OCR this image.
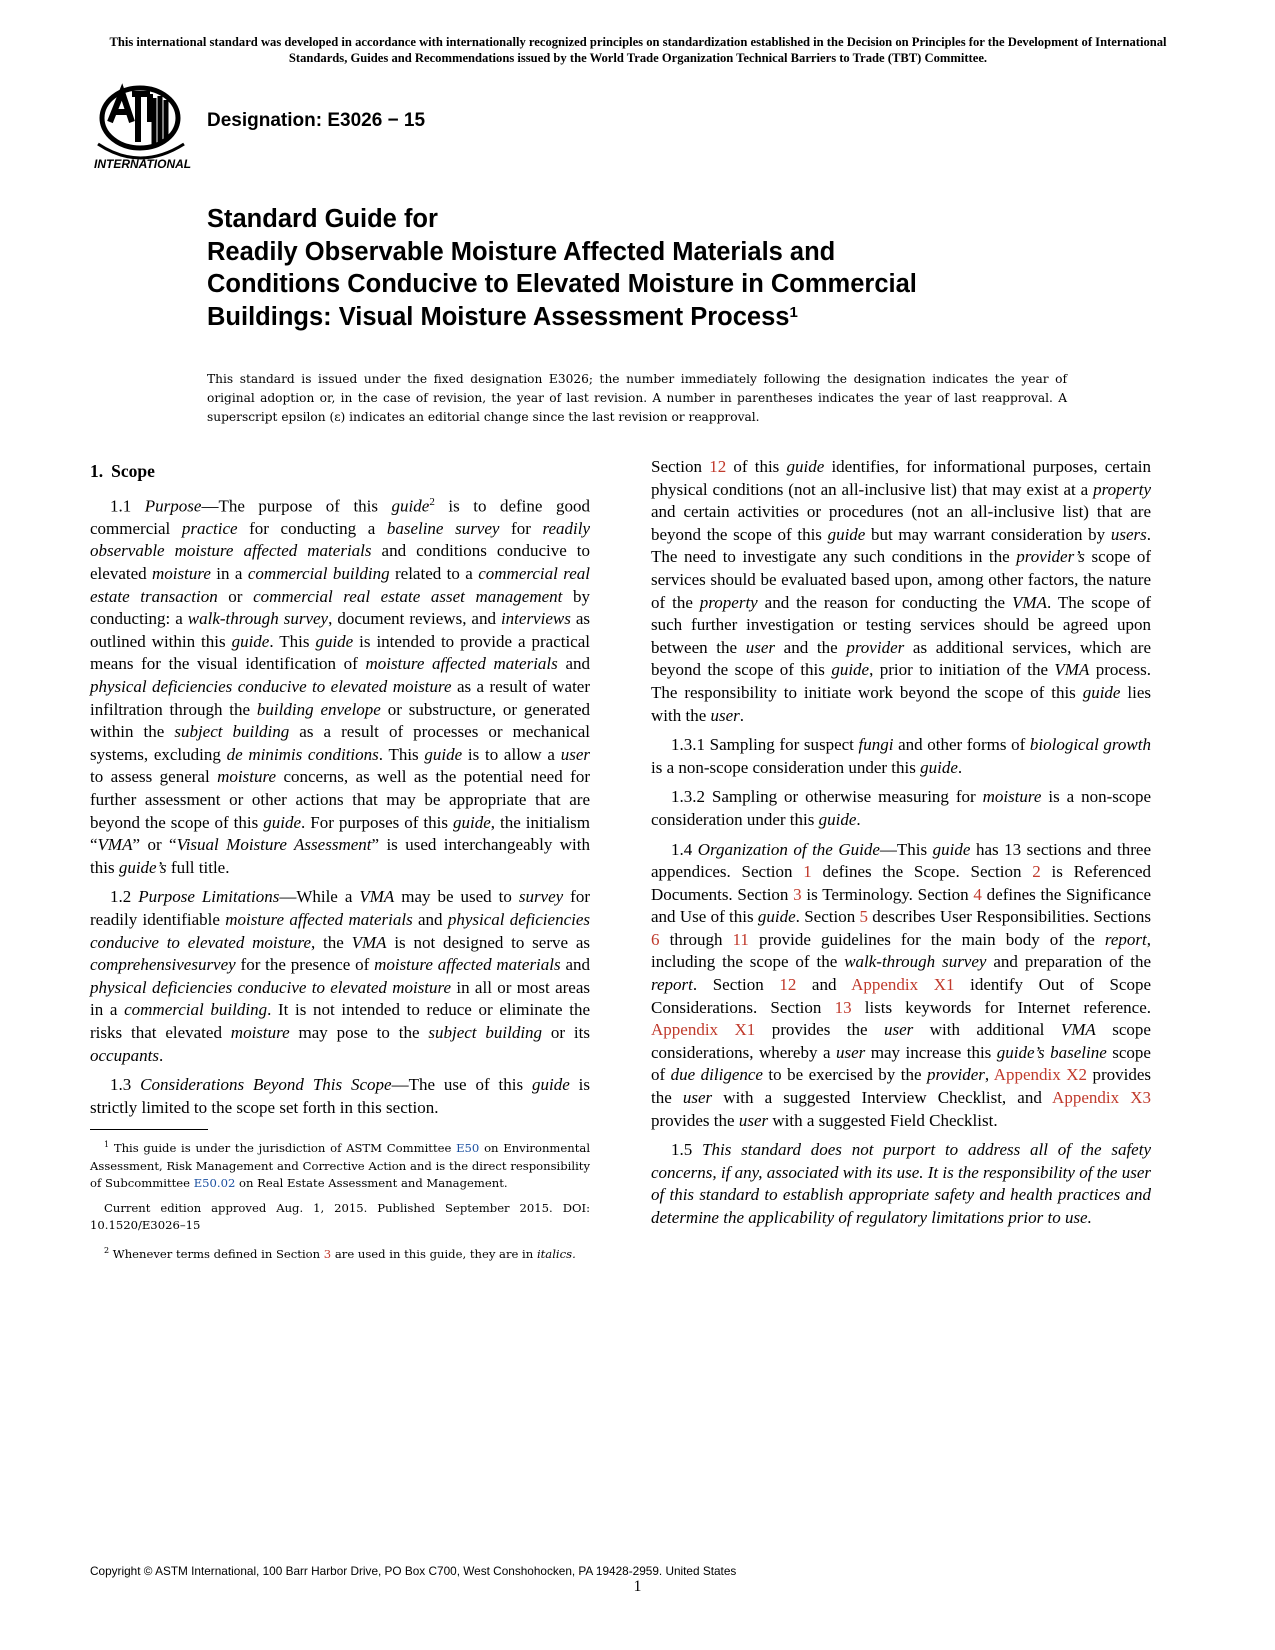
This international standard was developed in accordance with internationally recognized principles on standardization established in the Decision on Principles for the Development of International Standards, Guides and Recommendations issued by the World Trade Organization Technical Barriers to Trade (TBT) Committee.
INTERNATIONAL
Designation: E3026 − 15
Standard Guide for
Readily Observable Moisture Affected Materials and
Conditions Conducive to Elevated Moisture in Commercial
Buildings: Visual Moisture Assessment Process$^1$
This standard is issued under the fixed designation E3026; the number immediately following the designation indicates the year of original adoption or, in the case of revision, the year of last revision. A number in parentheses indicates the year of last reapproval. A superscript epsilon (ε) indicates an editorial change since the last revision or reapproval.

1. Scope

1.1 Purpose—The purpose of this guide$^2$ is to define good commercial practice for conducting a baseline survey for readily observable moisture affected materials and conditions conducive to elevated moisture in a commercial building related to a commercial real estate transaction or commercial real estate asset management by conducting: a walk-through survey, document reviews, and interviews as outlined within this guide. This guide is intended to provide a practical means for the visual identification of moisture affected materials and physical deficiencies conducive to elevated moisture as a result of water infiltration through the building envelope or substructure, or generated within the subject building as a result of processes or mechanical systems, excluding de minimis conditions. This guide is to allow a user to assess general moisture concerns, as well as the potential need for further assessment or other actions that may be appropriate that are beyond the scope of this guide. For purposes of this guide, the initialism “VMA” or “Visual Moisture Assessment” is used interchangeably with this guide’s full title.

1.2 Purpose Limitations—While a VMA may be used to survey for readily identifiable moisture affected materials and physical deficiencies conducive to elevated moisture, the VMA is not designed to serve as comprehensivesurvey for the presence of moisture affected materials and physical deficiencies conducive to elevated moisture in all or most areas in a commercial building. It is not intended to reduce or eliminate the risks that elevated moisture may pose to the subject building or its occupants.

1.3 Considerations Beyond This Scope—The use of this guide is strictly limited to the scope set forth in this section.

$^1$ This guide is under the jurisdiction of ASTM Committee E50 on Environmental Assessment, Risk Management and Corrective Action and is the direct responsibility of Subcommittee E50.02 on Real Estate Assessment and Management.

Current edition approved Aug. 1, 2015. Published September 2015. DOI: 10.1520/E3026–15

$^2$ Whenever terms defined in Section 3 are used in this guide, they are in italics.

Section 12 of this guide identifies, for informational purposes, certain physical conditions (not an all-inclusive list) that may exist at a property and certain activities or procedures (not an all-inclusive list) that are beyond the scope of this guide but may warrant consideration by users. The need to investigate any such conditions in the provider’s scope of services should be evaluated based upon, among other factors, the nature of the property and the reason for conducting the VMA. The scope of such further investigation or testing services should be agreed upon between the user and the provider as additional services, which are beyond the scope of this guide, prior to initiation of the VMA process. The responsibility to initiate work beyond the scope of this guide lies with the user.

1.3.1 Sampling for suspect fungi and other forms of biological growth is a non-scope consideration under this guide.

1.3.2 Sampling or otherwise measuring for moisture is a non-scope consideration under this guide.

1.4 Organization of the Guide—This guide has 13 sections and three appendices. Section 1 defines the Scope. Section 2 is Referenced Documents. Section 3 is Terminology. Section 4 defines the Significance and Use of this guide. Section 5 describes User Responsibilities. Sections 6 through 11 provide guidelines for the main body of the report, including the scope of the walk-through survey and preparation of the report. Section 12 and Appendix X1 identify Out of Scope Considerations. Section 13 lists keywords for Internet reference. Appendix X1 provides the user with additional VMA scope considerations, whereby a user may increase this guide’s baseline scope of due diligence to be exercised by the provider, Appendix X2 provides the user with a suggested Interview Checklist, and Appendix X3 provides the user with a suggested Field Checklist.

1.5 This standard does not purport to address all of the safety concerns, if any, associated with its use. It is the responsibility of the user of this standard to establish appropriate safety and health practices and determine the applicability of regulatory limitations prior to use.

Copyright © ASTM International, 100 Barr Harbor Drive, PO Box C700, West Conshohocken, PA 19428-2959. United States
1
